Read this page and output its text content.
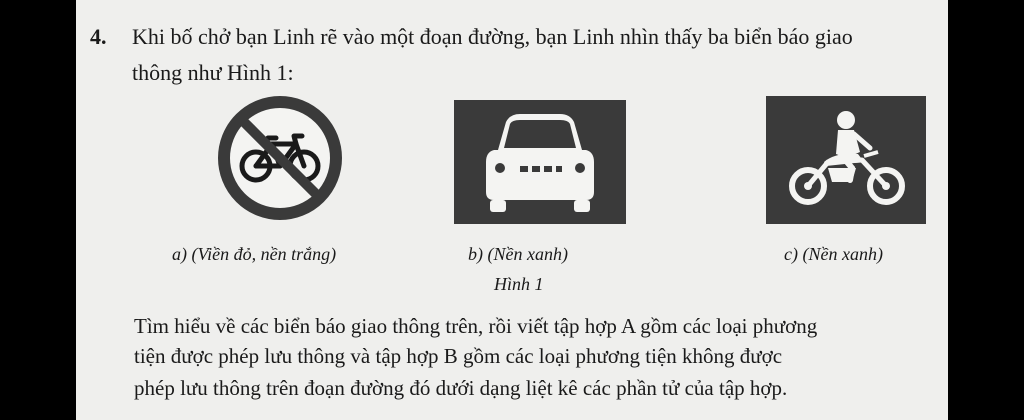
4. Khi bố chở bạn Linh rẽ vào một đoạn đường, bạn Linh nhìn thấy ba biển báo giao
thông như Hình 1:
a) (Viền đỏ, nền trắng)	b) (Nền xanh)	c) (Nền xanh)
Hình 1
Tìm hiểu về các biển báo giao thông trên, rồi viết tập hợp A gồm các loại phương
tiện được phép lưu thông và tập hợp B gồm các loại phương tiện không được
phép lưu thông trên đoạn đường đó dưới dạng liệt kê các phần tử của tập hợp.
